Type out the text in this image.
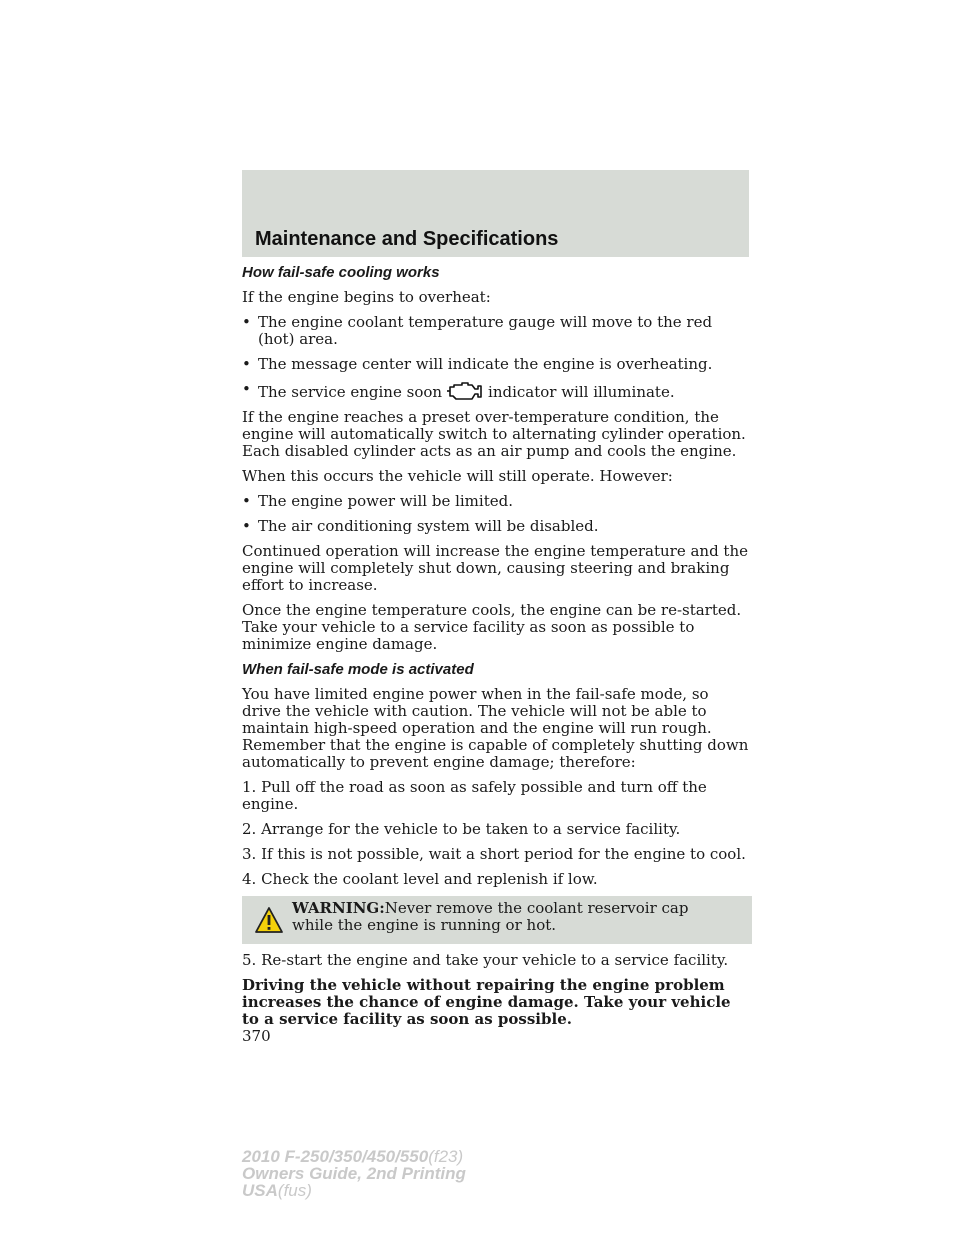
Maintenance and Specifications

How fail-safe cooling works

If the engine begins to overheat:

• The engine coolant temperature gauge will move to the red (hot) area.

• The message center will indicate the engine is overheating.

• The service engine soon	indicator will illuminate.

If the engine reaches a preset over-temperature condition, the engine will automatically switch to alternating cylinder operation. Each disabled cylinder acts as an air pump and cools the engine.

When this occurs the vehicle will still operate. However:

• The engine power will be limited.

• The air conditioning system will be disabled.

Continued operation will increase the engine temperature and the engine will completely shut down, causing steering and braking effort to increase.

Once the engine temperature cools, the engine can be re-started. Take your vehicle to a service facility as soon as possible to minimize engine damage.

When fail-safe mode is activated

You have limited engine power when in the fail-safe mode, so drive the vehicle with caution. The vehicle will not be able to maintain high-speed operation and the engine will run rough. Remember that the engine is capable of completely shutting down automatically to prevent engine damage; therefore:

1. Pull off the road as soon as safely possible and turn off the engine.

2. Arrange for the vehicle to be taken to a service facility.

3. If this is not possible, wait a short period for the engine to cool.

4. Check the coolant level and replenish if low.

WARNING:Never remove the coolant reservoir cap while the engine is running or hot.

5. Re-start the engine and take your vehicle to a service facility.

Driving the vehicle without repairing the engine problem increases the chance of engine damage. Take your vehicle to a service facility as soon as possible.

370

2010 F-250/350/450/550(f23)
Owners Guide, 2nd Printing
USA(fus)
